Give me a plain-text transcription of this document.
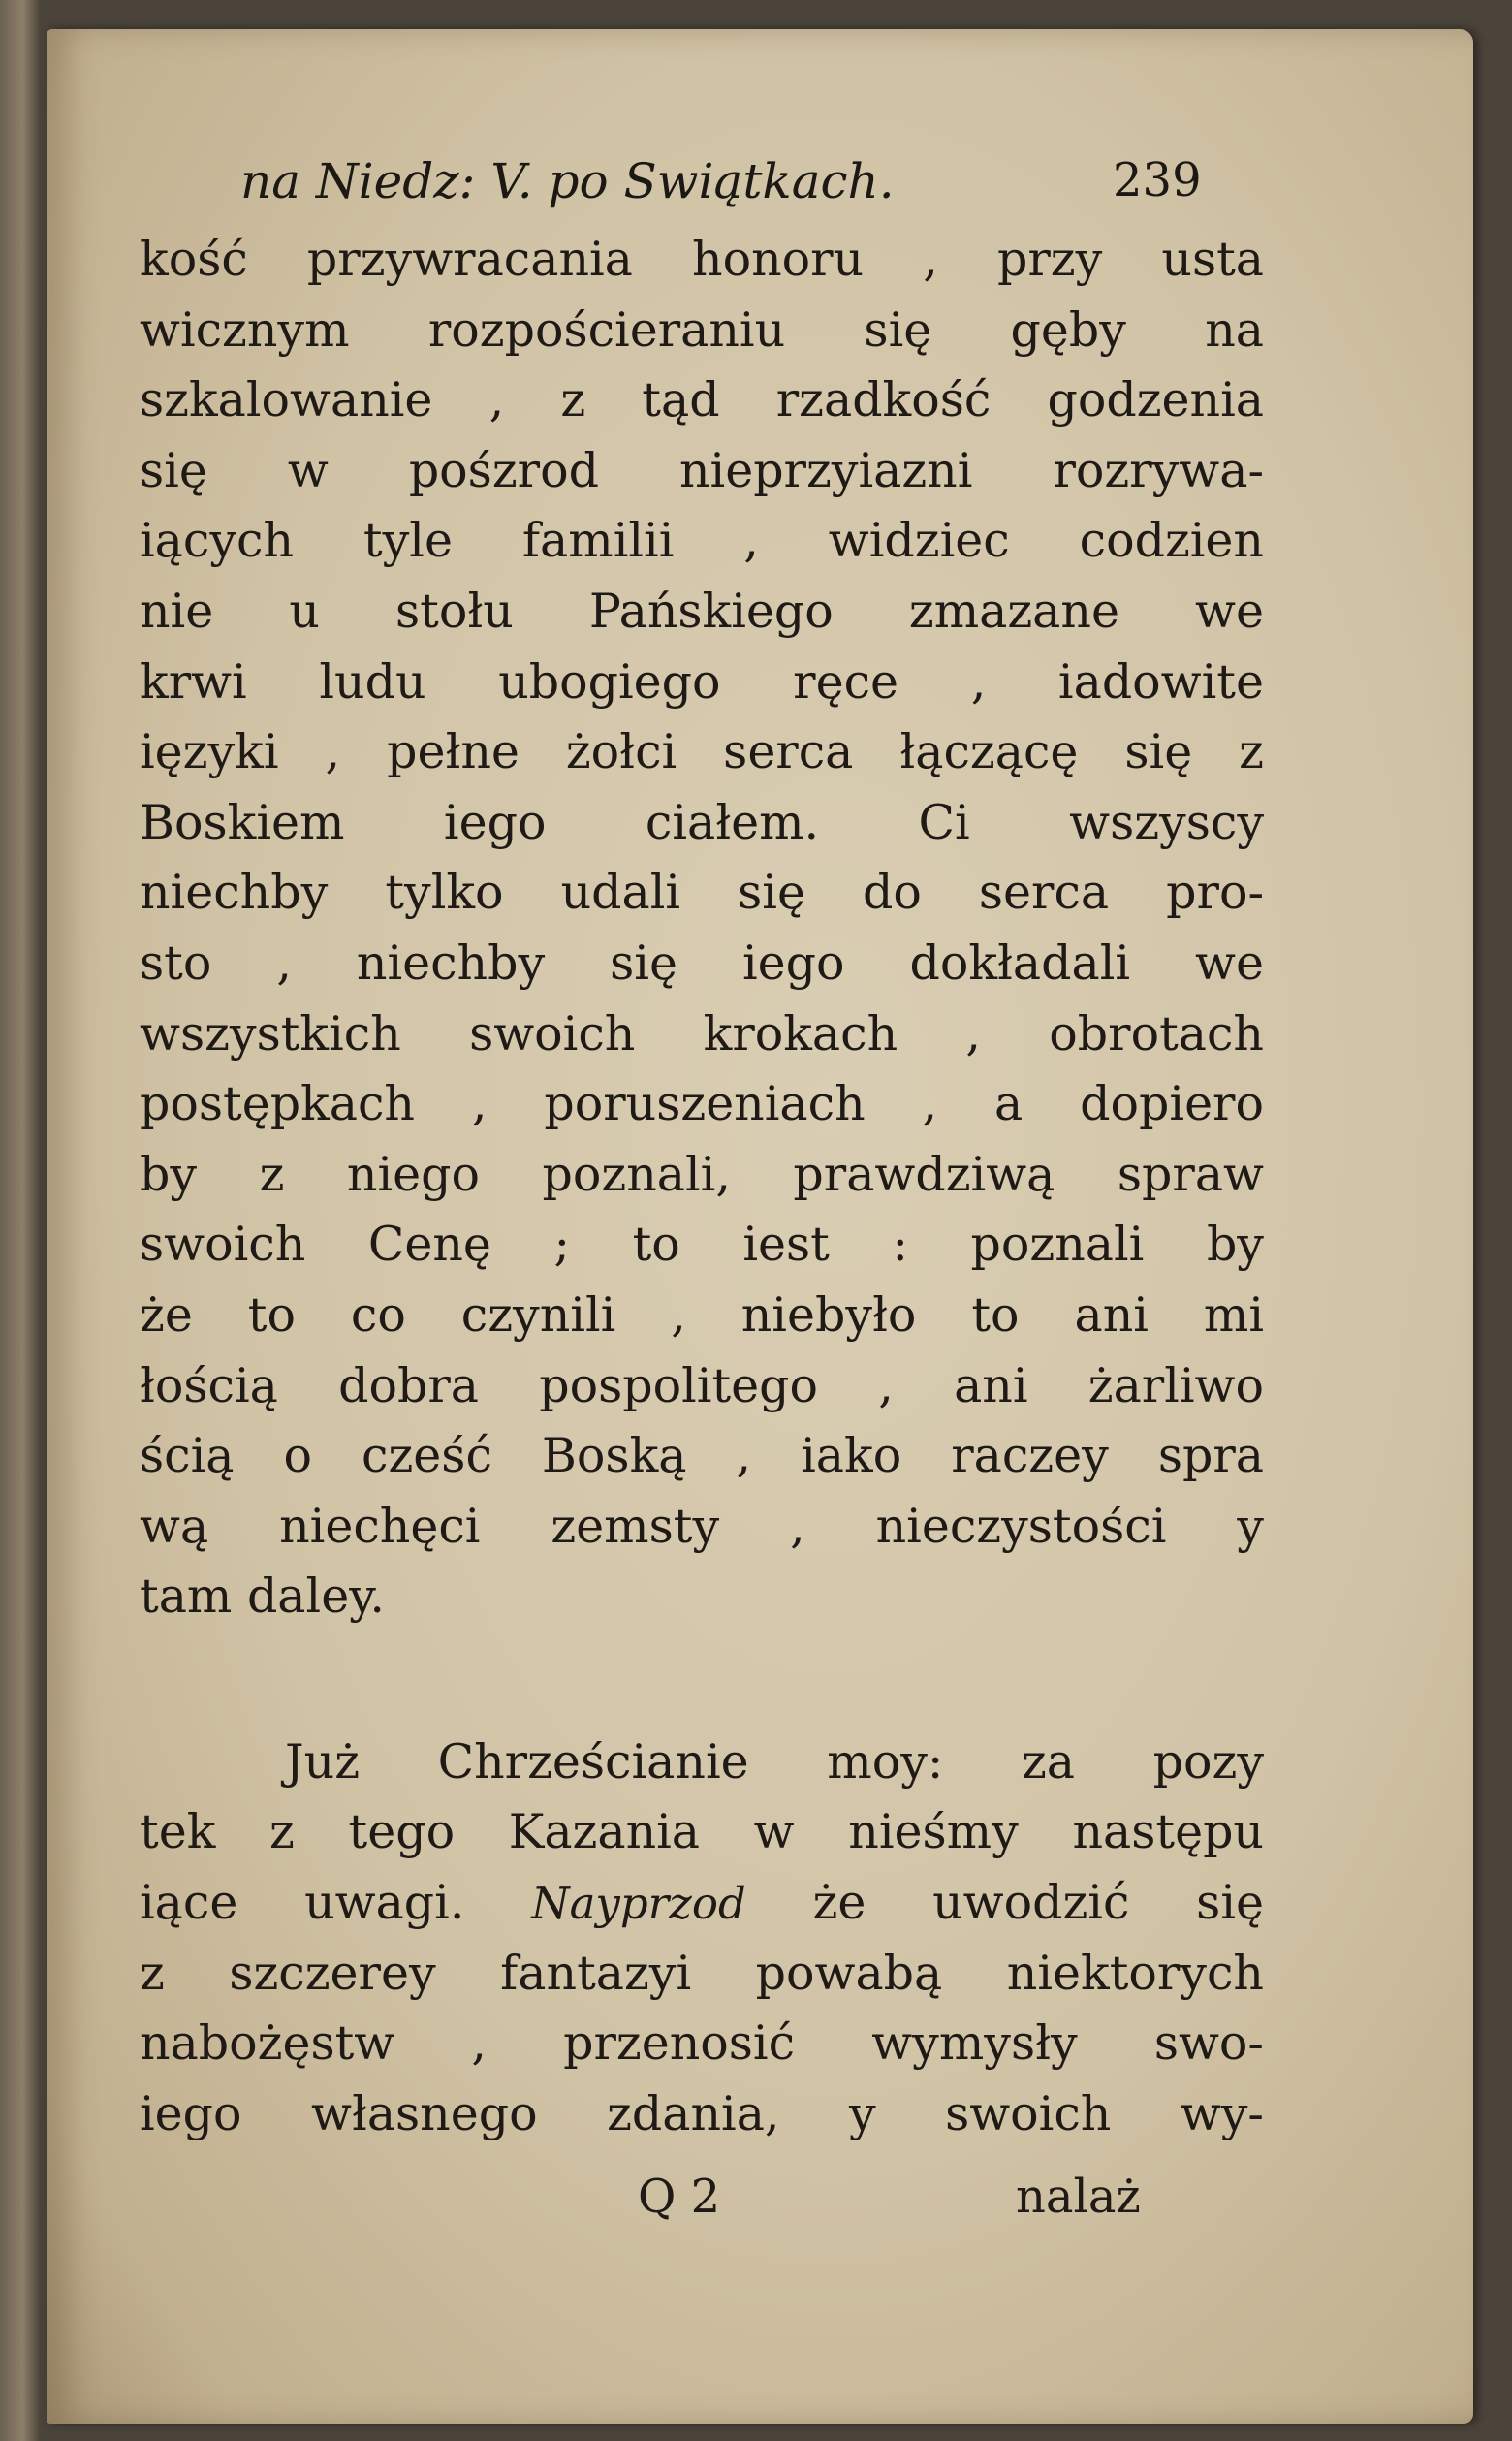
na Niedz: V. po Swiątkach.	239
kość przywracania honoru , przy usta
wicznym rozpościeraniu się gęby na
szkalowanie , z tąd rzadkość godzenia
się w pośzrod nieprzyiazni rozrywa-
iących tyle familii , widziec codzien
nie u stołu Pańskiego zmazane we
krwi ludu ubogiego ręce , iadowite
ięzyki , pełne żołci serca łączącę się z
Boskiem iego ciałem. Ci wszyscy
niechby tylko udali się do serca pro-
sto , niechby się iego dokładali we
wszystkich swoich krokach , obrotach
postępkach , poruszeniach , a dopiero
by z niego poznali, prawdziwą spraw
swoich Cenę ; to iest : poznali by
że to co czynili , niebyło to ani mi
łością dobra pospolitego , ani żarliwo
ścią o cześć Boską , iako raczey spra
wą niechęci zemsty , nieczystości y
tam daley.
Już Chrześcianie moy: za pozy
tek z tego Kazania w nieśmy następu
iące uwagi. Nayprzod że uwodzić się
z szczerey fantazyi powabą niektorych
nabożęstw , przenosić wymysły swo-
iego własnego zdania, y swoich wy-
Q 2	nalaż
